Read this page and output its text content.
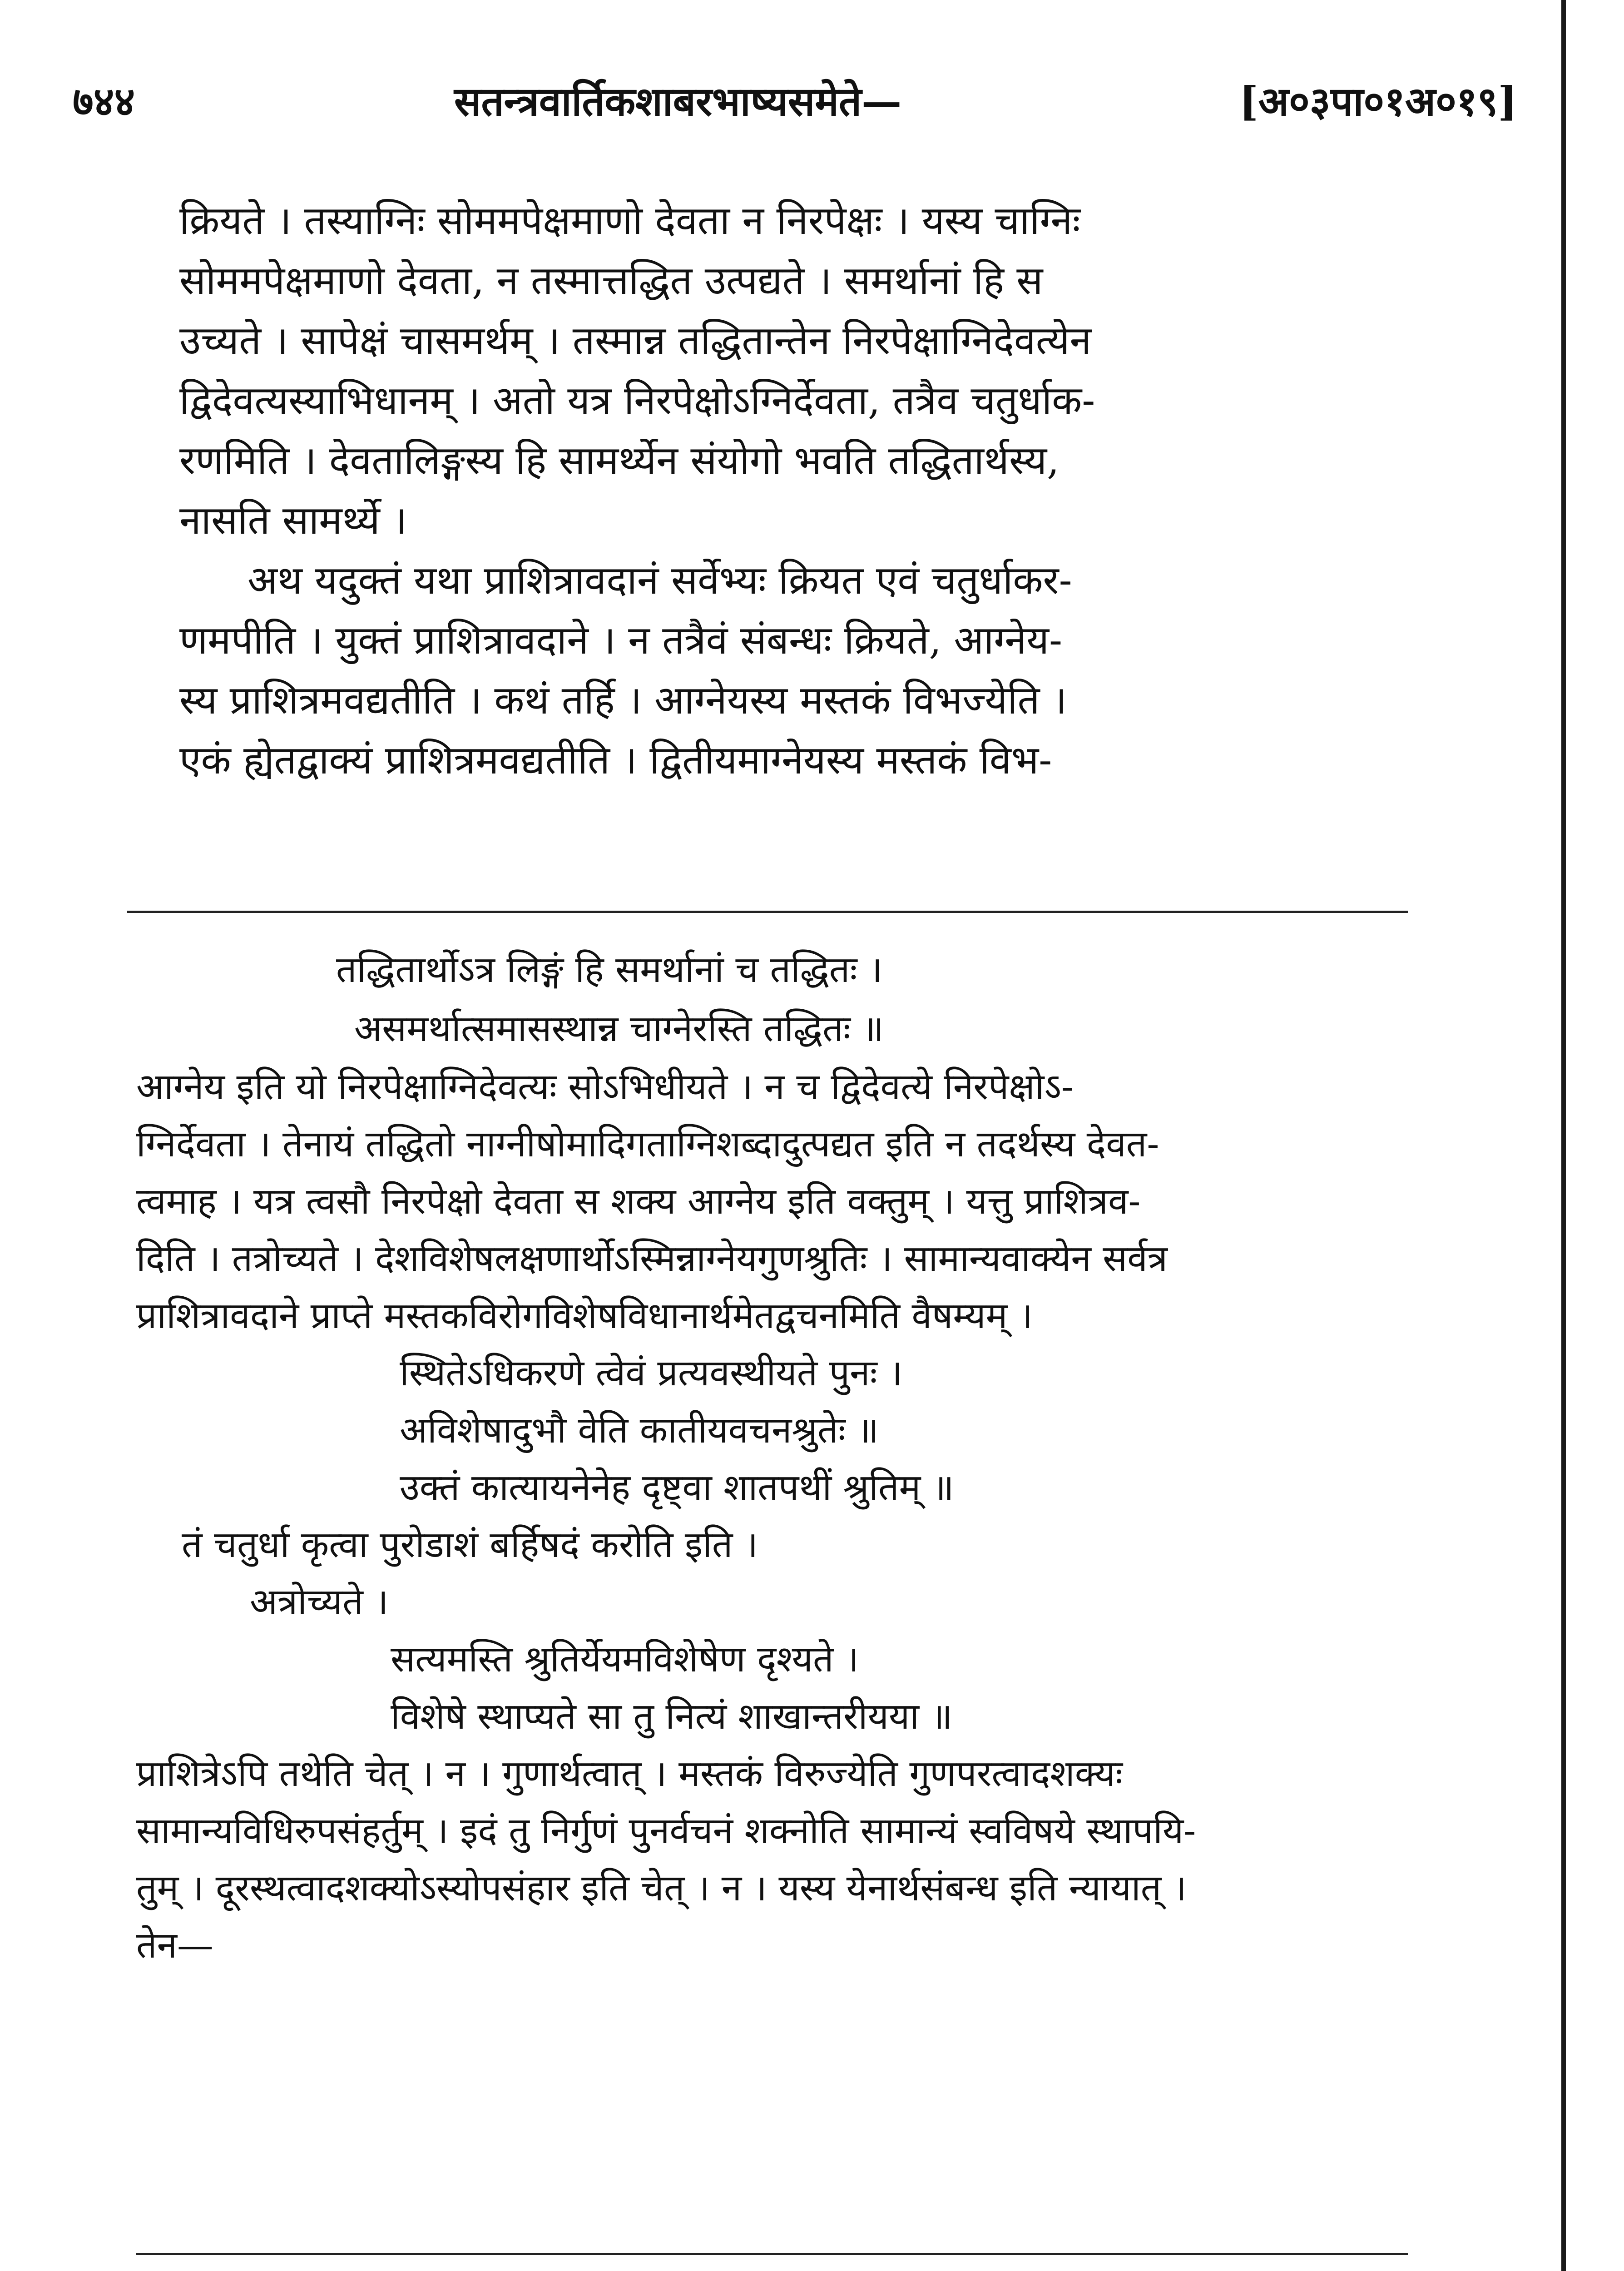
७४४	सतन्त्रवार्तिकशाबरभाष्यसमेते—	[अ०३पा०१अ०१९]
क्रियते । तस्याग्निः सोममपेक्षमाणो देवता न निरपेक्षः । यस्य चाग्निः
सोममपेक्षमाणो देवता, न तस्मात्तद्धित उत्पद्यते । समर्थानां हि स
उच्यते । सापेक्षं चासमर्थम् । तस्मान्न तद्धितान्तेन निरपेक्षाग्निदेवत्येन
द्विदेवत्यस्याभिधानम् । अतो यत्र निरपेक्षोऽग्निर्देवता, तत्रैव चतुर्धाक-
रणमिति । देवतालिङ्गस्य हि सामर्थ्येन संयोगो भवति तद्धितार्थस्य,
नासति सामर्थ्ये ।
अथ यदुक्तं यथा प्राशित्रावदानं सर्वेभ्यः क्रियत एवं चतुर्धाकर-
णमपीति । युक्तं प्राशित्रावदाने । न तत्रैवं संबन्धः क्रियते, आग्नेय-
स्य प्राशित्रमवद्यतीति । कथं तर्हि । आग्नेयस्य मस्तकं विभज्येति ।
एकं ह्येतद्वाक्यं प्राशित्रमवद्यतीति । द्वितीयमाग्नेयस्य मस्तकं विभ-
तद्धितार्थोऽत्र लिङ्गं हि समर्थानां च तद्धितः ।
असमर्थात्समासस्थान्न चाग्नेरस्ति तद्धितः ॥
आग्नेय इति यो निरपेक्षाग्निदेवत्यः सोऽभिधीयते । न च द्विदेवत्ये निरपेक्षोऽ-
ग्निर्देवता । तेनायं तद्धितो नाग्नीषोमादिगताग्निशब्दादुत्पद्यत इति न तदर्थस्य देवत-
त्वमाह । यत्र त्वसौ निरपेक्षो देवता स शक्य आग्नेय इति वक्तुम् । यत्तु प्राशित्रव-
दिति । तत्रोच्यते । देशविशेषलक्षणार्थोऽस्मिन्नाग्नेयगुणश्रुतिः । सामान्यवाक्येन सर्वत्र
प्राशित्रावदाने प्राप्ते मस्तकविरोगविशेषविधानार्थमेतद्वचनमिति वैषम्यम् ।
स्थितेऽधिकरणे त्वेवं प्रत्यवस्थीयते पुनः ।
अविशेषादुभौ वेति कातीयवचनश्रुतेः ॥
उक्तं कात्यायनेनेह दृष्ट्वा शातपथीं श्रुतिम् ॥
तं चतुर्धा कृत्वा पुरोडाशं बर्हिषदं करोति इति ।
अत्रोच्यते ।
सत्यमस्ति श्रुतिर्येयमविशेषेण दृश्यते ।
विशेषे स्थाप्यते सा तु नित्यं शाखान्तरीयया ॥
प्राशित्रेऽपि तथेति चेत् । न । गुणार्थत्वात् । मस्तकं विरुज्येति गुणपरत्वादशक्यः
सामान्यविधिरुपसंहर्तुम् । इदं तु निर्गुणं पुनर्वचनं शक्नोति सामान्यं स्वविषये स्थापयि-
तुम् । दूरस्थत्वादशक्योऽस्योपसंहार इति चेत् । न । यस्य येनार्थसंबन्ध इति न्यायात् ।
तेन—
